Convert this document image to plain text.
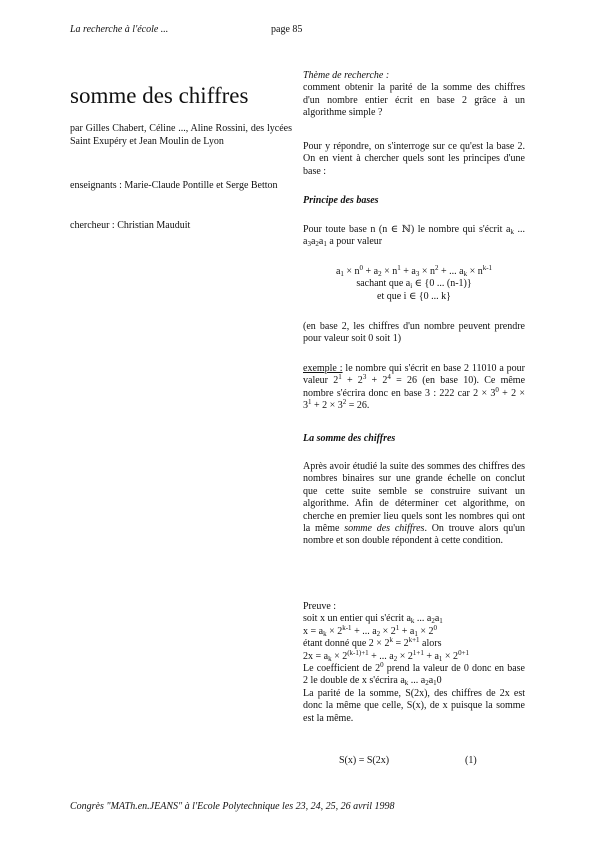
La recherche à l'école ...	page 85
somme des chiffres

par Gilles Chabert, Céline ..., Aline Rossini, des lycées Saint Exupéry et Jean Moulin de Lyon

enseignants : Marie-Claude Pontille et Serge Betton

chercheur : Christian Mauduit

Thème de recherche :

comment obtenir la parité de la somme des chiffres d'un nombre entier écrit en base 2 grâce à un algorithme simple ?

Pour y répondre, on s'interroge sur ce qu'est la base 2. On en vient à chercher quels sont les principes d'une base :

Principe des bases

Pour toute base n (n ∈ ℕ) le nombre qui s'écrit $a_k$ ... $a_3a_2a_1$ a pour valeur

$a_1 \times n^0 + a_2 \times n^1 + a_3 \times n^2$ + ... $a_k \times n^{k-1}$

sachant que $a_i$ ∈ {0 ... (n-1)}

et que i ∈ {0 ... k}

(en base 2, les chiffres d'un nombre peuvent prendre pour valeur soit 0 soit 1)

exemple : le nombre qui s'écrit en base 2 11010 a pour valeur $2^1 + 2^3 + 2^4 = 26$ (en base 10). Ce même nombre s'écrira donc en base 3 : 222 car $2 \times 3^0 + 2 \times 3^1 + 2 \times 3^2 = 26$.

La somme des chiffres

Après avoir étudié la suite des sommes des chiffres des nombres binaires sur une grande échelle on conclut que cette suite semble se construire suivant un algorithme. Afin de déterminer cet algorithme, on cherche en premier lieu quels sont les nombres qui ont la même somme des chiffres. On trouve alors qu'un nombre et son double répondent à cette condition.

Preuve :

soit x un entier qui s'écrit $a_k$ ... $a_2a_1$

$x = a_k \times 2^{k-1}$ + ... $a_2 \times 2^1 + a_1 \times 2^0$

étant donné que $2 \times 2^k = 2^{k+1}$ alors

$2x = a_k \times 2^{(k-1)+1}$ + ... $a_2 \times 2^{1+1} + a_1 \times 2^{0+1}$

Le coefficient de $2^0$ prend la valeur de 0 donc en base 2 le double de x s'écrira $a_k$ ... $a_2a_10$

La parité de la somme, S(2x), des chiffres de 2x est donc la même que celle, S(x), de x puisque la somme est la même.

S(x) = S(2x)	(1)
Congrès "MATh.en.JEANS" à l'Ecole Polytechnique les 23, 24, 25, 26 avril 1998
